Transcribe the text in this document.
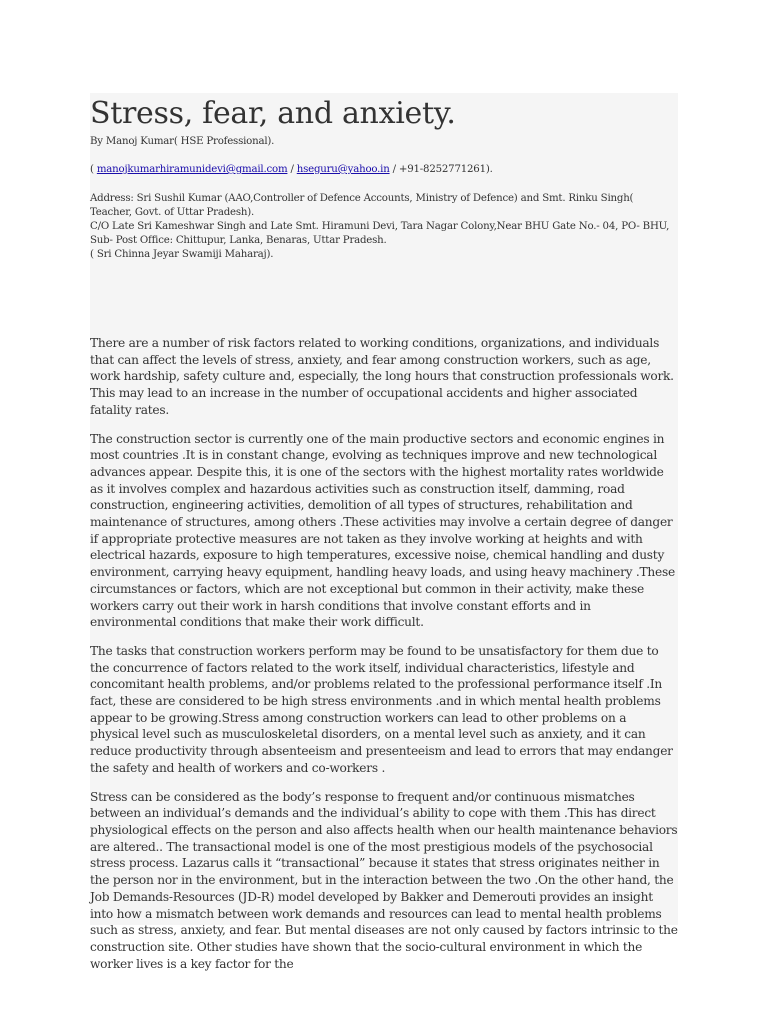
Stress, fear, and anxiety.
By Manoj Kumar( HSE Professional).
( manojkumarhiramunidevi@gmail.com / hseguru@yahoo.in / +91-8252771261).

Address: Sri Sushil Kumar (AAO,Controller of Defence Accounts, Ministry of Defence) and Smt. Rinku Singh( Teacher, Govt. of Uttar Pradesh).

C/O Late Sri Kameshwar Singh and Late Smt. Hiramuni Devi, Tara Nagar Colony,Near BHU Gate No.- 04, PO- BHU, Sub- Post Office: Chittupur, Lanka, Benaras, Uttar Pradesh.

( Sri Chinna Jeyar Swamiji Maharaj).

There are a number of risk factors related to working conditions, organizations, and individuals that can affect the levels of stress, anxiety, and fear among construction workers, such as age, work hardship, safety culture and, especially, the long hours that construction professionals work. This may lead to an increase in the number of occupational accidents and higher associated fatality rates.

The construction sector is currently one of the main productive sectors and economic engines in most countries .It is in constant change, evolving as techniques improve and new technological advances appear. Despite this, it is one of the sectors with the highest mortality rates worldwide as it involves complex and hazardous activities such as construction itself, damming, road construction, engineering activities, demolition of all types of structures, rehabilitation and maintenance of structures, among others .These activities may involve a certain degree of danger if appropriate protective measures are not taken as they involve working at heights and with electrical hazards, exposure to high temperatures, excessive noise, chemical handling and dusty environment, carrying heavy equipment, handling heavy loads, and using heavy machinery .These circumstances or factors, which are not exceptional but common in their activity, make these workers carry out their work in harsh conditions that involve constant efforts and in environmental conditions that make their work difficult.

The tasks that construction workers perform may be found to be unsatisfactory for them due to the concurrence of factors related to the work itself, individual characteristics, lifestyle and concomitant health problems, and/or problems related to the professional performance itself .In fact, these are considered to be high stress environments .and in which mental health problems appear to be growing.Stress among construction workers can lead to other problems on a physical level such as musculoskeletal disorders, on a mental level such as anxiety, and it can reduce productivity through absenteeism and presenteeism and lead to errors that may endanger the safety and health of workers and co-workers .

Stress can be considered as the body’s response to frequent and/or continuous mismatches between an individual’s demands and the individual’s ability to cope with them .This has direct physiological effects on the person and also affects health when our health maintenance behaviors are altered.. The transactional model is one of the most prestigious models of the psychosocial stress process. Lazarus calls it “transactional” because it states that stress originates neither in the person nor in the environment, but in the interaction between the two .On the other hand, the Job Demands-Resources (JD-R) model developed by Bakker and Demerouti provides an insight into how a mismatch between work demands and resources can lead to mental health problems such as stress, anxiety, and fear. But mental diseases are not only caused by factors intrinsic to the construction site. Other studies have shown that the socio-cultural environment in which the worker lives is a key factor for the
